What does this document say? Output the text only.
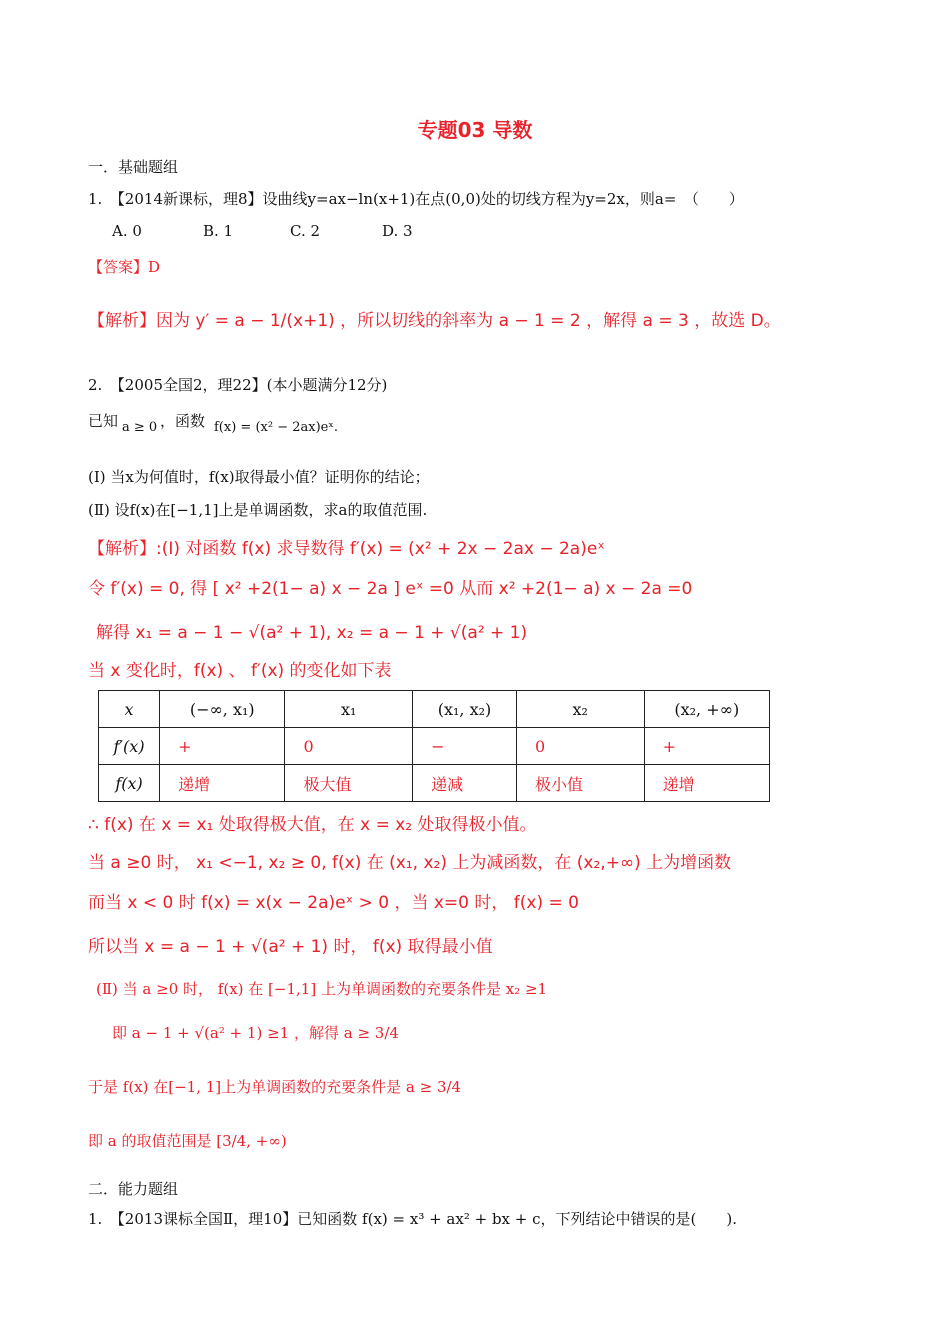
专题03 导数
一．基础题组
1.　【2014新课标，理8】设曲线y=ax−ln(x+1)在点(0,0)处的切线方程为y=2x，则a=　（　　）
A. 0	B. 1	C. 2	D. 3
【答案】D
【解析】因为 y′ = a − 1/(x+1) ，所以切线的斜率为 a − 1 = 2 ，解得 a = 3 ，故选 D。
2.　【2005全国2，理22】(本小题满分12分)
已知 a ≥ 0 ，函数 f(x) = (x² − 2ax)eˣ.
(Ⅰ) 当x为何值时，f(x)取得最小值？证明你的结论；
(Ⅱ) 设f(x)在[−1,1]上是单调函数，求a的取值范围.
【解析】:(Ⅰ) 对函数 f(x) 求导数得 f′(x) = (x² + 2x − 2ax − 2a)eˣ
令 f′(x) = 0, 得 [ x² +2(1− a) x − 2a ] eˣ =0 从而 x² +2(1− a) x − 2a =0
解得 x₁ = a − 1 − √(a² + 1), x₂ = a − 1 + √(a² + 1)
当 x 变化时，f(x) 、 f′(x) 的变化如下表
x	(−∞, x₁)	x₁	(x₁, x₂)	x₂	(x₂, +∞)
f′(x)	+	0	−	0	+
f(x)	递增	极大值	递减	极小值	递增
∴ f(x) 在 x = x₁ 处取得极大值，在 x = x₂ 处取得极小值。
当 a ≥0 时， x₁ <−1, x₂ ≥ 0, f(x) 在 (x₁, x₂) 上为减函数，在 (x₂,+∞) 上为增函数
而当 x < 0 时 f(x) = x(x − 2a)eˣ > 0 ，当 x=0 时， f(x) = 0
所以当 x = a − 1 + √(a² + 1) 时， f(x) 取得最小值
(Ⅱ) 当 a ≥0 时， f(x) 在 [−1,1] 上为单调函数的充要条件是 x₂ ≥1
即 a − 1 + √(a² + 1) ≥1 ，解得 a ≥ 3/4
于是 f(x) 在[−1, 1]上为单调函数的充要条件是 a ≥ 3/4
即 a 的取值范围是 [3/4, +∞)
二．能力题组
1.　【2013课标全国Ⅱ，理10】已知函数 f(x) = x³ + ax² + bx + c，下列结论中错误的是(　　).
